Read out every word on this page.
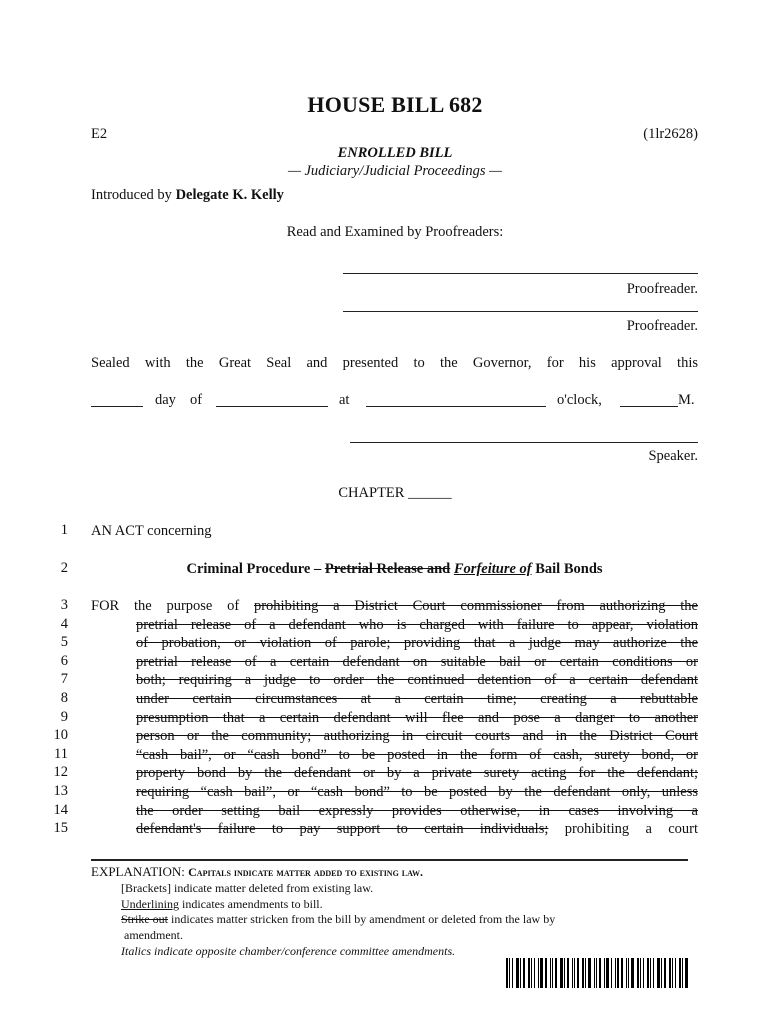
HOUSE BILL 682
E2	(1lr2628)
ENROLLED BILL
— Judiciary/Judicial Proceedings —
Introduced by Delegate K. Kelly
Read and Examined by Proofreaders:
Proofreader.
Proofreader.
Sealed with the Great Seal and presented to the Governor, for his approval this
day of	at	o'clock,	M.
Speaker.
CHAPTER ______
1
2
3
4
5
6
7
8
9
10
11
12
13
14
15
AN ACT concerning
Criminal Procedure – Pretrial Release and Forfeiture of Bail Bonds
FOR the purpose of prohibiting a District Court commissioner from authorizing the
pretrial release of a defendant who is charged with failure to appear, violation
of probation, or violation of parole; providing that a judge may authorize the
pretrial release of a certain defendant on suitable bail or certain conditions or
both; requiring a judge to order the continued detention of a certain defendant
under certain circumstances at a certain time; creating a rebuttable
presumption that a certain defendant will flee and pose a danger to another
person or the community; authorizing in circuit courts and in the District Court
“cash bail”, or “cash bond” to be posted in the form of cash, surety bond, or
property bond by the defendant or by a private surety acting for the defendant;
requiring “cash bail”, or “cash bond” to be posted by the defendant only, unless
the order setting bail expressly provides otherwise, in cases involving a
defendant's failure to pay support to certain individuals; prohibiting a court
EXPLANATION: Capitals indicate matter added to existing law.
[Brackets] indicate matter deleted from existing law.
Underlining indicates amendments to bill.
Strike out indicates matter stricken from the bill by amendment or deleted from the law by
amendment.
Italics indicate opposite chamber/conference committee amendments.
